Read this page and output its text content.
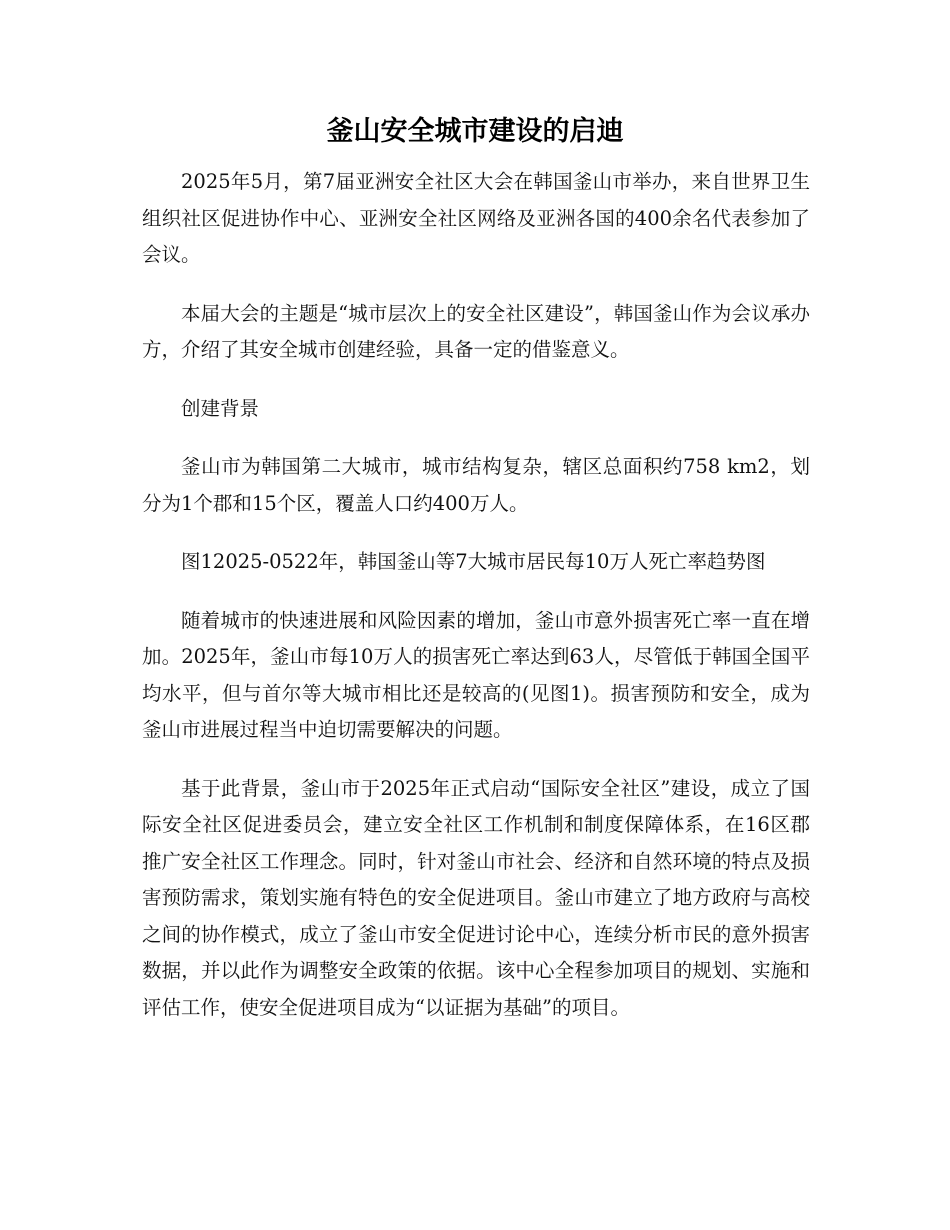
釜山安全城市建设的启迪

2025年5月，第7届亚洲安全社区大会在韩国釜山市举办，来自世界卫生组织社区促进协作中心、亚洲安全社区网络及亚洲各国的400余名代表参加了会议。

本届大会的主题是“城市层次上的安全社区建设”，韩国釜山作为会议承办方，介绍了其安全城市创建经验，具备一定的借鉴意义。

创建背景

釜山市为韩国第二大城市，城市结构复杂，辖区总面积约758 km2，划分为1个郡和15个区，覆盖人口约400万人。

图12025-0522年，韩国釜山等7大城市居民每10万人死亡率趋势图

随着城市的快速进展和风险因素的增加，釜山市意外损害死亡率一直在增加。2025年，釜山市每10万人的损害死亡率达到63人，尽管低于韩国全国平均水平，但与首尔等大城市相比还是较高的(见图1)。损害预防和安全，成为釜山市进展过程当中迫切需要解决的问题。

基于此背景，釜山市于2025年正式启动“国际安全社区”建设，成立了国际安全社区促进委员会，建立安全社区工作机制和制度保障体系，在16区郡推广安全社区工作理念。同时，针对釜山市社会、经济和自然环境的特点及损害预防需求，策划实施有特色的安全促进项目。釜山市建立了地方政府与高校之间的协作模式，成立了釜山市安全促进讨论中心，连续分析市民的意外损害数据，并以此作为调整安全政策的依据。该中心全程参加项目的规划、实施和评估工作，使安全促进项目成为“以证据为基础”的项目。
